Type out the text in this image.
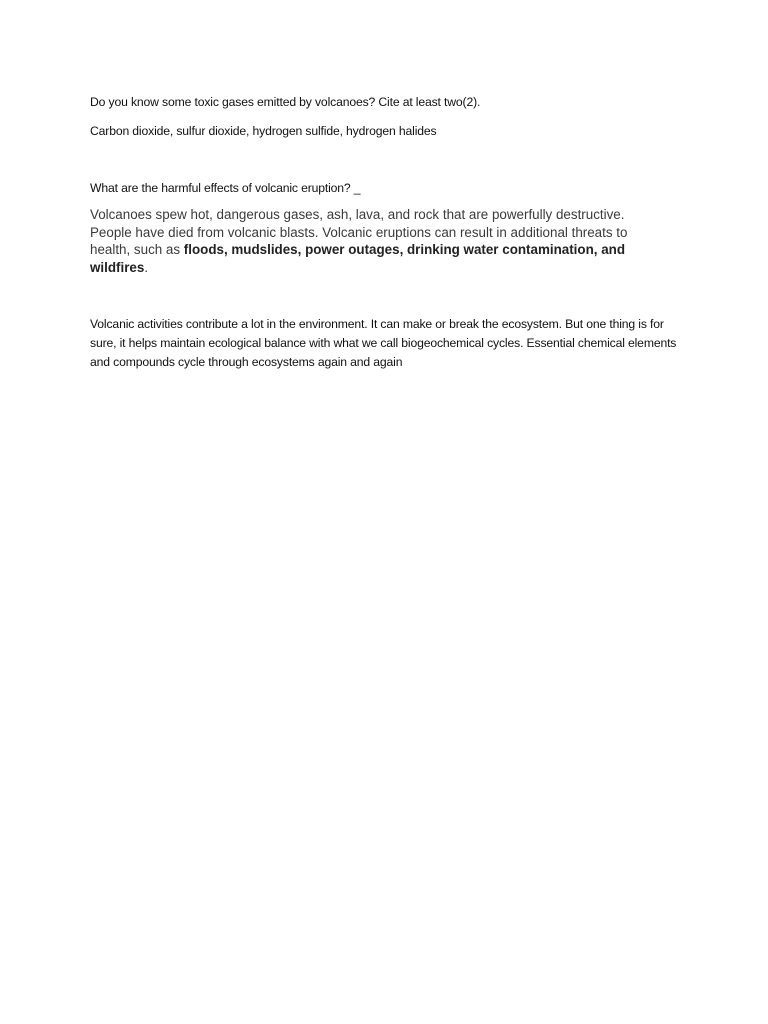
Do you know some toxic gases emitted by volcanoes? Cite at least two(2).

Carbon dioxide, sulfur dioxide, hydrogen sulfide, hydrogen halides

What are the harmful effects of volcanic eruption? _

Volcanoes spew hot, dangerous gases, ash, lava, and rock that are powerfully destructive. People have died from volcanic blasts. Volcanic eruptions can result in additional threats to health, such as floods, mudslides, power outages, drinking water contamination, and wildfires.

Volcanic activities contribute a lot in the environment. It can make or break the ecosystem. But one thing is for sure, it helps maintain ecological balance with what we call biogeochemical cycles. Essential chemical elements and compounds cycle through ecosystems again and again
